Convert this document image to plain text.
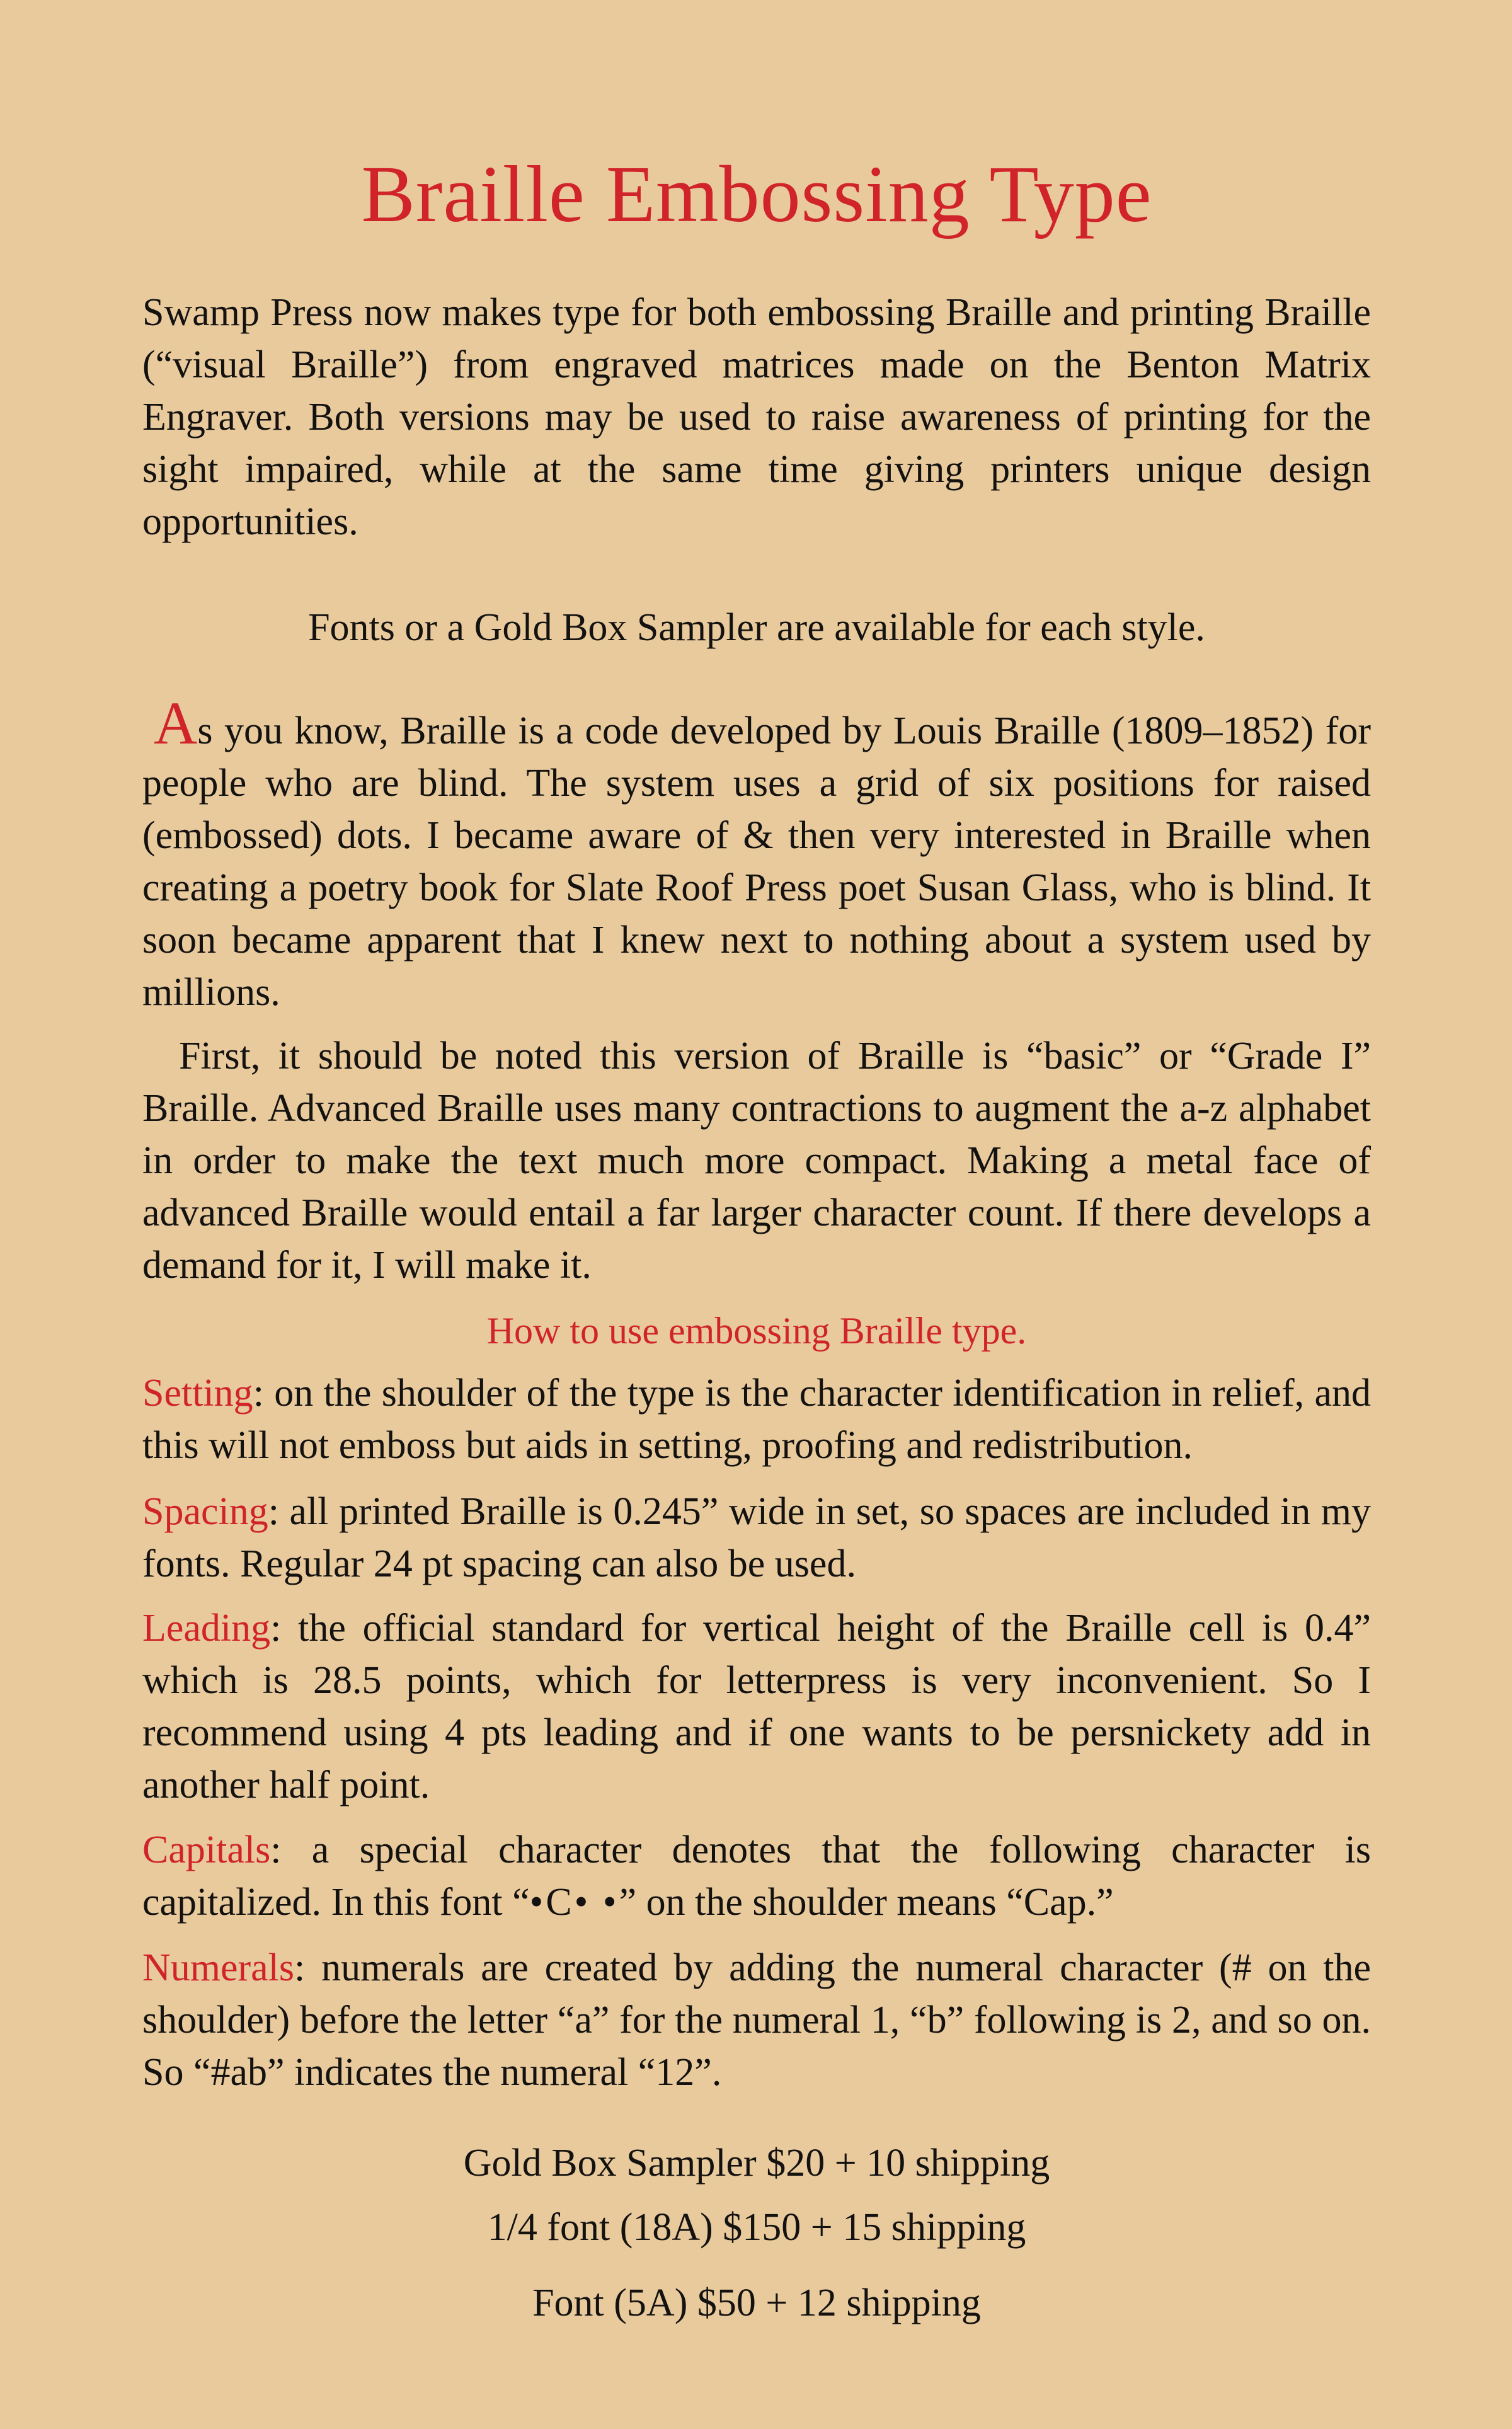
Braille Embossing Type

Swamp Press now makes type for both embossing Braille and printing Braille (“visual Braille”) from engraved matrices made on the Benton Matrix Engraver. Both versions may be used to raise awareness of printing for the sight impaired, while at the same time giving printers unique design opportunities.

Fonts or a Gold Box Sampler are available for each style.

As you know, Braille is a code developed by Louis Braille (1809–1852) for people who are blind. The system uses a grid of six positions for raised (embossed) dots. I became aware of & then very interested in Braille when creating a poetry book for Slate Roof Press poet Susan Glass, who is blind. It soon became apparent that I knew next to nothing about a system used by millions.

First, it should be noted this version of Braille is “basic” or “Grade I” Braille. Advanced Braille uses many contractions to augment the a-z alphabet in order to make the text much more compact. Making a metal face of advanced Braille would entail a far larger character count. If there develops a demand for it, I will make it.

How to use embossing Braille type.

Setting: on the shoulder of the type is the character identification in relief, and this will not emboss but aids in setting, proofing and redistribution.

Spacing: all printed Braille is 0.245” wide in set, so spaces are included in my fonts. Regular 24 pt spacing can also be used.

Leading: the official standard for vertical height of the Braille cell is 0.4” which is 28.5 points, which for letterpress is very inconvenient. So I recommend using 4 pts leading and if one wants to be persnickety add in another half point.

Capitals: a special character denotes that the following character is capitalized. In this font “•C• •” on the shoulder means “Cap.”

Numerals: numerals are created by adding the numeral character (# on the shoulder) before the letter “a” for the numeral 1, “b” following is 2, and so on. So “#ab” indicates the numeral “12”.

Gold Box Sampler $20 + 10 shipping

1/4 font (18A) $150 + 15 shipping

Font (5A) $50 + 12 shipping
